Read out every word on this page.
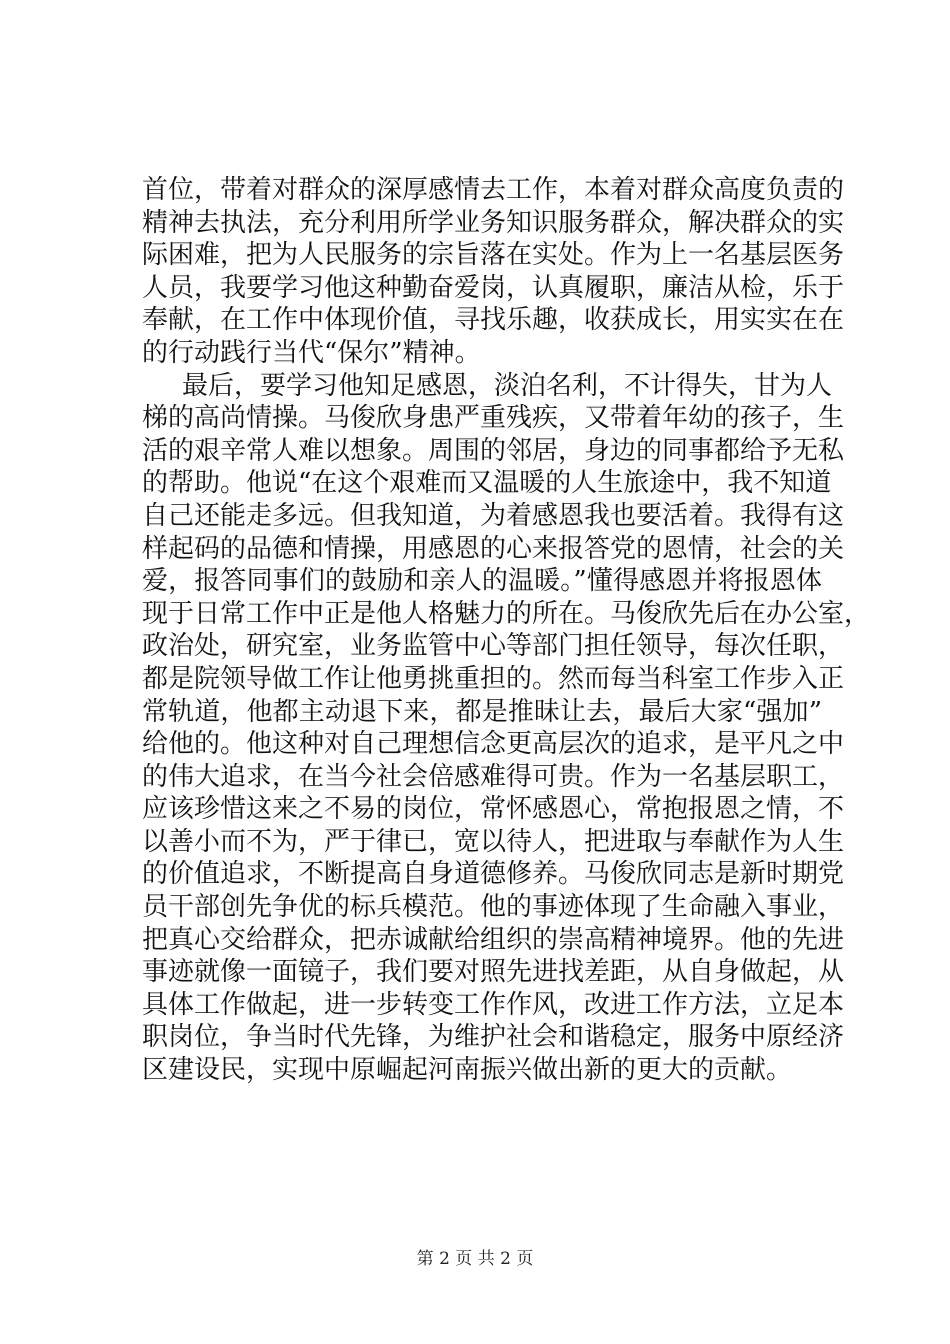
首位，带着对群众的深厚感情去工作，本着对群众高度负责的
精神去执法，充分利用所学业务知识服务群众，解决群众的实
际困难，把为人民服务的宗旨落在实处。作为上一名基层医务
人员，我要学习他这种勤奋爱岗，认真履职，廉洁从检，乐于
奉献，在工作中体现价值，寻找乐趣，收获成长，用实实在在
的行动践行当代“保尔”精神。
最后，要学习他知足感恩，淡泊名利，不计得失，甘为人
梯的高尚情操。马俊欣身患严重残疾，又带着年幼的孩子，生
活的艰辛常人难以想象。周围的邻居，身边的同事都给予无私
的帮助。他说“在这个艰难而又温暖的人生旅途中，我不知道
自己还能走多远。但我知道，为着感恩我也要活着。我得有这
样起码的品德和情操，用感恩的心来报答党的恩情，社会的关
爱，报答同事们的鼓励和亲人的温暖。”懂得感恩并将报恩体
现于日常工作中正是他人格魅力的所在。马俊欣先后在办公室，
政治处，研究室，业务监管中心等部门担任领导，每次任职，
都是院领导做工作让他勇挑重担的。然而每当科室工作步入正
常轨道，他都主动退下来，都是推昧让去，最后大家“强加”
给他的。他这种对自己理想信念更高层次的追求，是平凡之中
的伟大追求，在当今社会倍感难得可贵。作为一名基层职工，
应该珍惜这来之不易的岗位，常怀感恩心，常抱报恩之情，不
以善小而不为，严于律已，宽以待人，把进取与奉献作为人生
的价值追求，不断提高自身道德修养。马俊欣同志是新时期党
员干部创先争优的标兵模范。他的事迹体现了生命融入事业，
把真心交给群众，把赤诚献给组织的崇高精神境界。他的先进
事迹就像一面镜子，我们要对照先进找差距，从自身做起，从
具体工作做起，进一步转变工作作风，改进工作方法，立足本
职岗位，争当时代先锋，为维护社会和谐稳定，服务中原经济
区建设民，实现中原崛起河南振兴做出新的更大的贡献。
第 2 页 共 2 页
